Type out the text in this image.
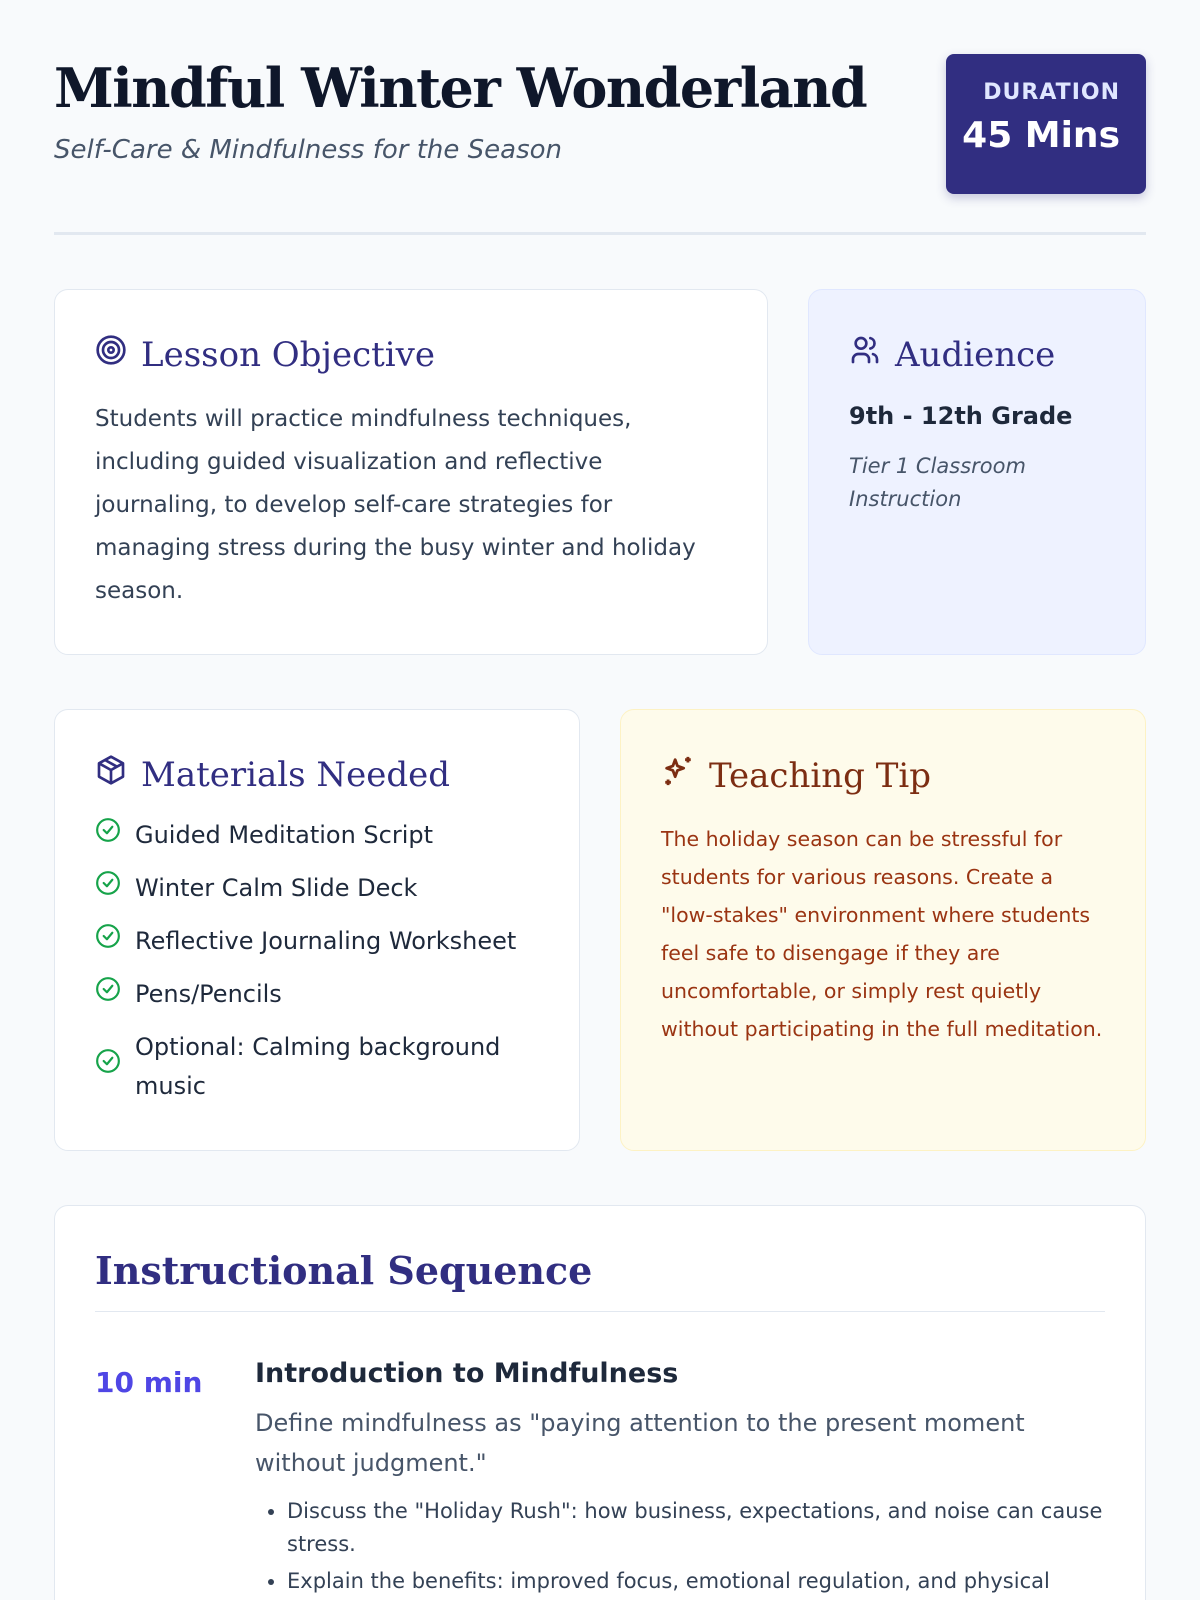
Mindful Winter Wonderland
Self-Care & Mindfulness for the Season
DURATION
45 Mins
Lesson Objective

Students will practice mindfulness techniques, including guided visualization and reflective journaling, to develop self-care strategies for managing stress during the busy winter and holiday season.

Audience
9th - 12th Grade
Tier 1 Classroom Instruction
Materials Needed
Guided Meditation Script
Winter Calm Slide Deck
Reflective Journaling Worksheet
Pens/Pencils
Optional: Calming background music
Teaching Tip

The holiday season can be stressful for students for various reasons. Create a "low-stakes" environment where students feel safe to disengage if they are uncomfortable, or simply rest quietly without participating in the full meditation.

Instructional Sequence
10 min	Introduction to Mindfulness

Define mindfulness as "paying attention to the present moment without judgment."

• Discuss the "Holiday Rush": how business, expectations, and noise can cause stress.
• Explain the benefits: improved focus, emotional regulation, and physical
